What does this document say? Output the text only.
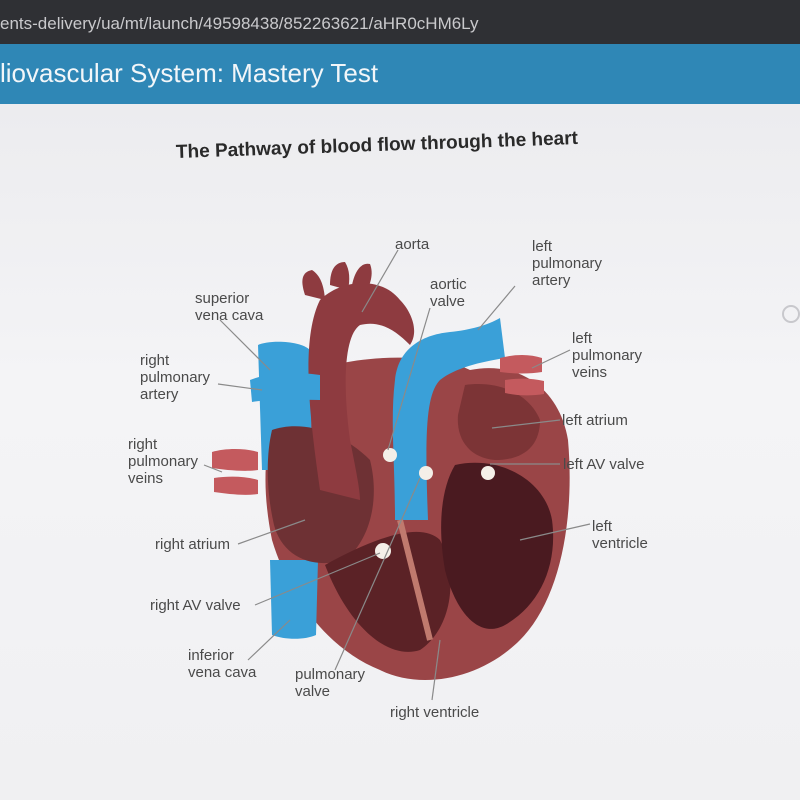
ents-delivery/ua/mt/launch/49598438/852263621/aHR0cHM6Ly
liovascular System: Mastery Test
The Pathway of blood flow through the heart
aorta	left
pulmonary
artery
aortic
valve
superior
vena cava
right
pulmonary
artery
left
pulmonary
veins
left atrium
right
pulmonary
veins
left AV valve
left
ventricle
right atrium
right AV valve
inferior
vena cava	pulmonary
valve
right ventricle
